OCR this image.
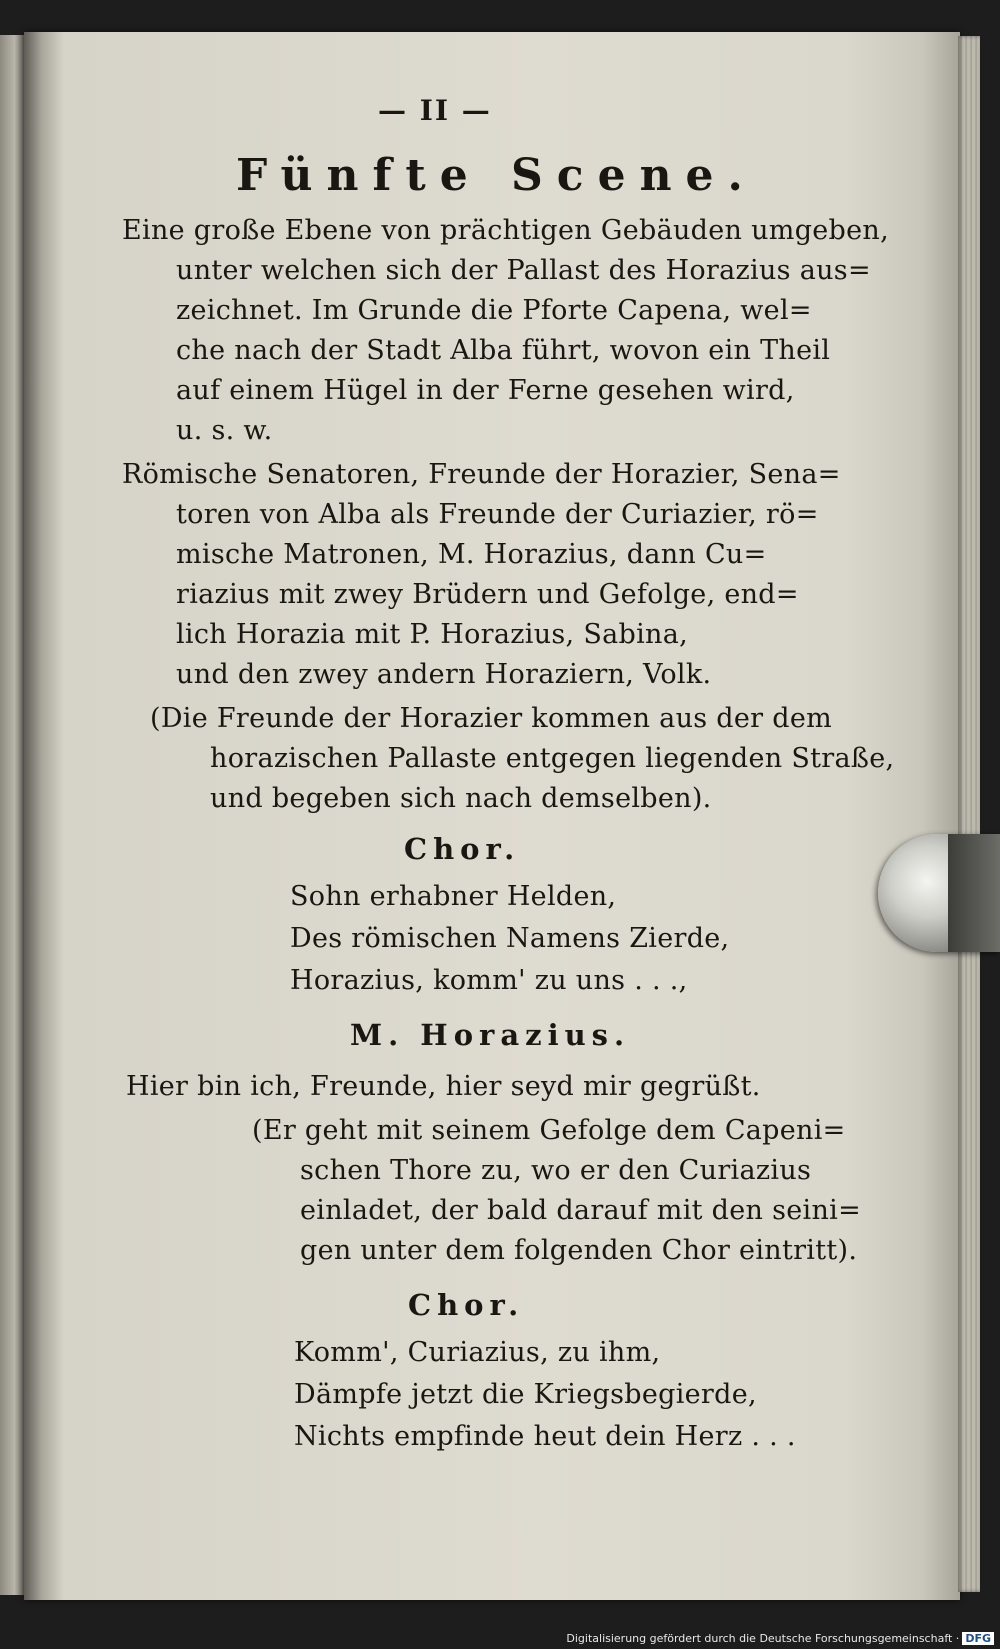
— II —
Fünfte Scene.
Eine große Ebene von prächtigen Gebäuden umgeben,
unter welchen sich der Pallast des Horazius aus=
zeichnet. Im Grunde die Pforte Capena, wel=
che nach der Stadt Alba führt, wovon ein Theil
auf einem Hügel in der Ferne gesehen wird,
u. s. w.
Römische Senatoren, Freunde der Horazier, Sena=
toren von Alba als Freunde der Curiazier, rö=
mische Matronen, M. Horazius, dann Cu=
riazius mit zwey Brüdern und Gefolge, end=
lich Horazia mit P. Horazius, Sabina,
und den zwey andern Horaziern, Volk.
(Die Freunde der Horazier kommen aus der dem
horazischen Pallaste entgegen liegenden Straße,
und begeben sich nach demselben).
Chor.
Sohn erhabner Helden,
Des römischen Namens Zierde,
Horazius, komm' zu uns . . .,
M. Horazius.
Hier bin ich, Freunde, hier seyd mir gegrüßt.
(Er geht mit seinem Gefolge dem Capeni=
schen Thore zu, wo er den Curiazius
einladet, der bald darauf mit den seini=
gen unter dem folgenden Chor eintritt).
Chor.
Komm', Curiazius, zu ihm,
Dämpfe jetzt die Kriegsbegierde,
Nichts empfinde heut dein Herz . . .
Digitalisierung gefördert durch die Deutsche Forschungsgemeinschaft · DFG
